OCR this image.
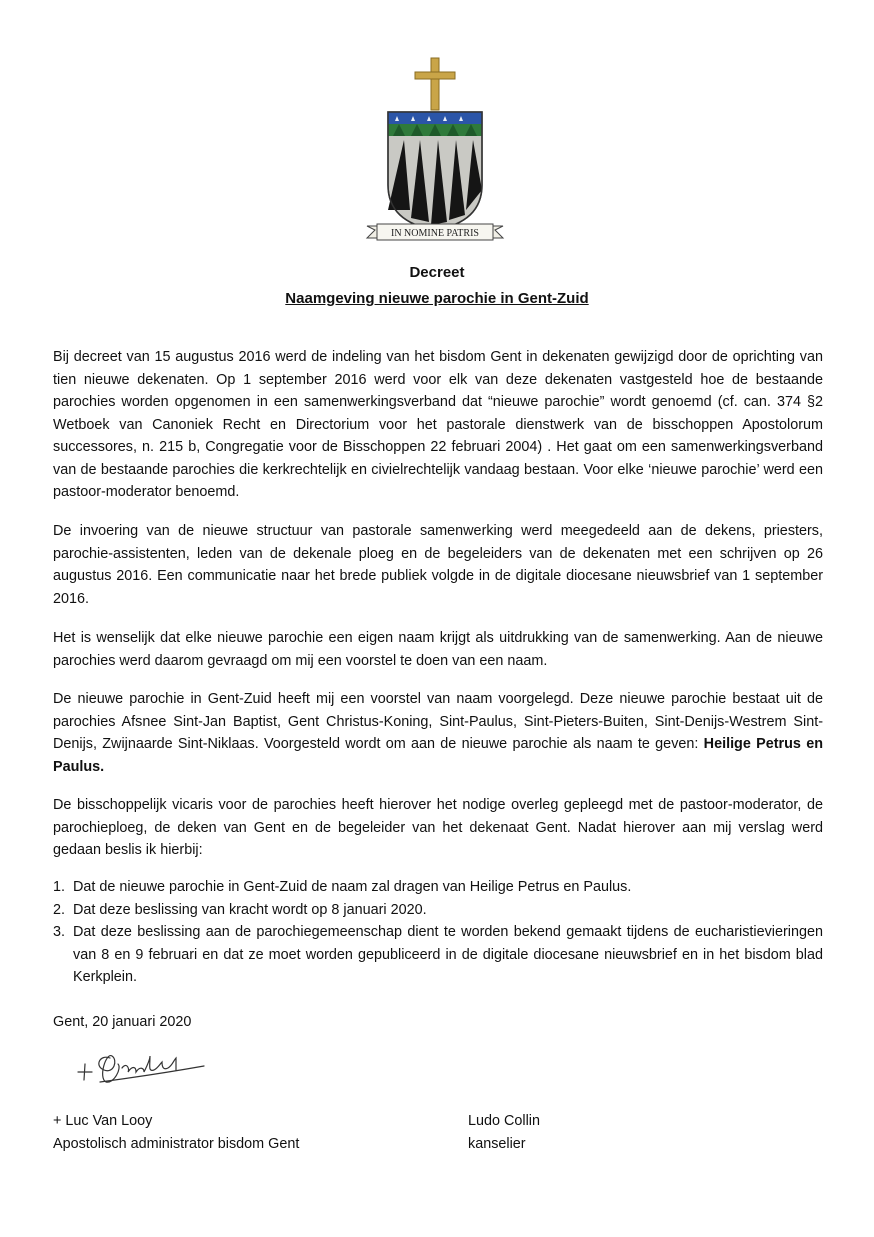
IN NOMINE PATRIS
Decreet
Naamgeving nieuwe parochie in Gent-Zuid

Bij decreet van 15 augustus 2016 werd de indeling van het bisdom Gent in dekenaten gewijzigd door de oprichting van tien nieuwe dekenaten. Op 1 september 2016 werd voor elk van deze dekenaten vastgesteld hoe de bestaande parochies worden opgenomen in een samenwerkingsverband dat “nieuwe parochie” wordt genoemd (cf. can. 374 §2 Wetboek van Canoniek Recht en Directorium voor het pastorale dienstwerk van de bisschoppen Apostolorum successores, n. 215 b, Congregatie voor de Bisschoppen 22 februari 2004) . Het gaat om een samenwerkingsverband van de bestaande parochies die kerkrechtelijk en civielrechtelijk vandaag bestaan. Voor elke ‘nieuwe parochie’ werd een pastoor-moderator benoemd.

De invoering van de nieuwe structuur van pastorale samenwerking werd meegedeeld aan de dekens, priesters, parochie-assistenten, leden van de dekenale ploeg en de begeleiders van de dekenaten met een schrijven op 26 augustus 2016. Een communicatie naar het brede publiek volgde in de digitale diocesane nieuwsbrief van 1 september 2016.

Het is wenselijk dat elke nieuwe parochie een eigen naam krijgt als uitdrukking van de samenwerking. Aan de nieuwe parochies werd daarom gevraagd om mij een voorstel te doen van een naam.

De nieuwe parochie in Gent-Zuid heeft mij een voorstel van naam voorgelegd. Deze nieuwe parochie bestaat uit de parochies Afsnee Sint-Jan Baptist, Gent Christus-Koning, Sint-Paulus, Sint-Pieters-Buiten, Sint-Denijs-Westrem Sint-Denijs, Zwijnaarde Sint-Niklaas. Voorgesteld wordt om aan de nieuwe parochie als naam te geven: Heilige Petrus en Paulus.

De bisschoppelijk vicaris voor de parochies heeft hierover het nodige overleg gepleegd met de pastoor-moderator, de parochieploeg, de deken van Gent en de begeleider van het dekenaat Gent. Nadat hierover aan mij verslag werd gedaan beslis ik hierbij:

1. Dat de nieuwe parochie in Gent-Zuid de naam zal dragen van Heilige Petrus en Paulus.
2. Dat deze beslissing van kracht wordt op 8 januari 2020.
3. Dat deze beslissing aan de parochiegemeenschap dient te worden bekend gemaakt tijdens de eucharistievieringen van 8 en 9 februari en dat ze moet worden gepubliceerd in de digitale diocesane nieuwsbrief en in het bisdom blad Kerkplein.
Gent, 20 januari 2020
+ Luc Van Looy
Apostolisch administrator bisdom Gent
Ludo Collin
kanselier
